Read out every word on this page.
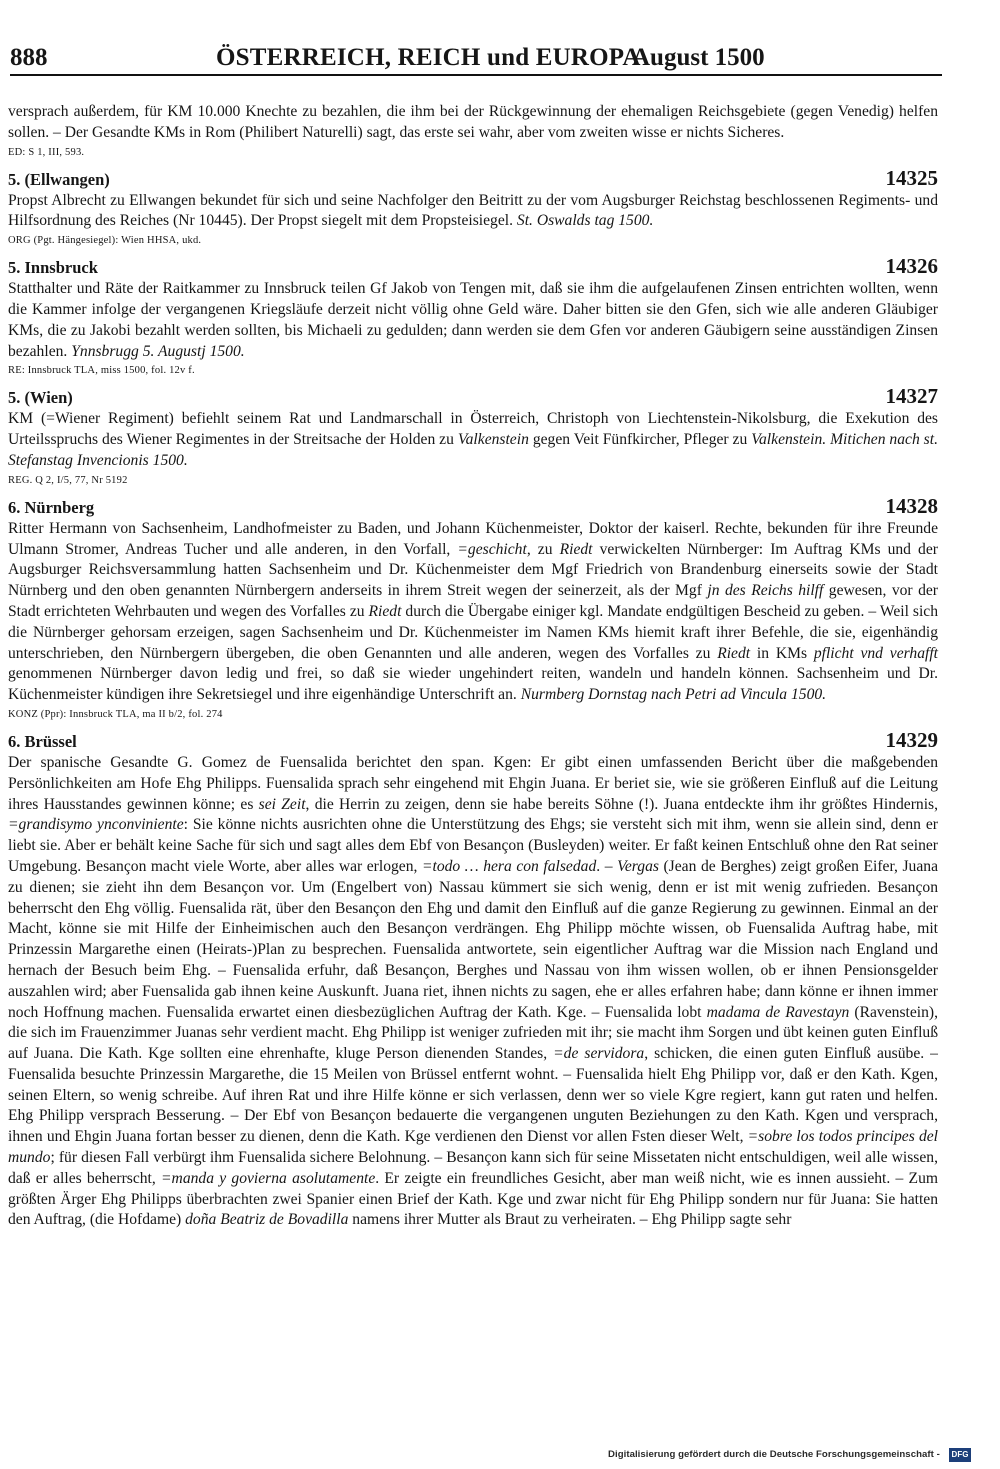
888	ÖSTERREICH, REICH und EUROPA
August 1500

versprach außerdem, für KM 10.000 Knechte zu bezahlen, die ihm bei der Rückgewinnung der ehemaligen Reichsgebiete (gegen Venedig) helfen sollen. – Der Gesandte KMs in Rom (Philibert Naturelli) sagt, das erste sei wahr, aber vom zweiten wisse er nichts Sicheres.

ED: S 1, III, 593.

5. (Ellwangen)	14325

Propst Albrecht zu Ellwangen bekundet für sich und seine Nachfolger den Beitritt zu der vom Augsburger Reichstag beschlossenen Regiments- und Hilfsordnung des Reiches (Nr 10445). Der Propst siegelt mit dem Propsteisiegel. St. Oswalds tag 1500.

ORG (Pgt. Hängesiegel): Wien HHSA, ukd.

5. Innsbruck	14326

Statthalter und Räte der Raitkammer zu Innsbruck teilen Gf Jakob von Tengen mit, daß sie ihm die aufgelaufenen Zinsen entrichten wollten, wenn die Kammer infolge der vergangenen Kriegsläufe derzeit nicht völlig ohne Geld wäre. Daher bitten sie den Gfen, sich wie alle anderen Gläubiger KMs, die zu Jakobi bezahlt werden sollten, bis Michaeli zu gedulden; dann werden sie dem Gfen vor anderen Gäubigern seine ausständigen Zinsen bezahlen. Ynnsbrugg 5. Augustj 1500.

RE: Innsbruck TLA, miss 1500, fol. 12v f.

5. (Wien)	14327

KM (=Wiener Regiment) befiehlt seinem Rat und Landmarschall in Österreich, Christoph von Liechtenstein-Nikolsburg, die Exekution des Urteilsspruchs des Wiener Regimentes in der Streitsache der Holden zu Valkenstein gegen Veit Fünfkircher, Pfleger zu Valkenstein. Mitichen nach st. Stefanstag Invencionis 1500.

REG. Q 2, I/5, 77, Nr 5192

6. Nürnberg	14328

Ritter Hermann von Sachsenheim, Landhofmeister zu Baden, und Johann Küchenmeister, Doktor der kaiserl. Rechte, bekunden für ihre Freunde Ulmann Stromer, Andreas Tucher und alle anderen, in den Vorfall, =geschicht, zu Riedt verwickelten Nürnberger: Im Auftrag KMs und der Augsburger Reichsversammlung hatten Sachsenheim und Dr. Küchenmeister dem Mgf Friedrich von Brandenburg einerseits sowie der Stadt Nürnberg und den oben genannten Nürnbergern anderseits in ihrem Streit wegen der seinerzeit, als der Mgf jn des Reichs hilff gewesen, vor der Stadt errichteten Wehrbauten und wegen des Vorfalles zu Riedt durch die Übergabe einiger kgl. Mandate endgültigen Bescheid zu geben. – Weil sich die Nürnberger gehorsam erzeigen, sagen Sachsenheim und Dr. Küchenmeister im Namen KMs hiemit kraft ihrer Befehle, die sie, eigenhändig unterschrieben, den Nürnbergern übergeben, die oben Genannten und alle anderen, wegen des Vorfalles zu Riedt in KMs pflicht vnd verhafft genommenen Nürnberger davon ledig und frei, so daß sie wieder ungehindert reiten, wandeln und handeln können. Sachsenheim und Dr. Küchenmeister kündigen ihre Sekretsiegel und ihre eigenhändige Unterschrift an. Nurmberg Dornstag nach Petri ad Vincula 1500.

KONZ (Ppr): Innsbruck TLA, ma II b/2, fol. 274

6. Brüssel	14329

Der spanische Gesandte G. Gomez de Fuensalida berichtet den span. Kgen: Er gibt einen umfassenden Bericht über die maßgebenden Persönlichkeiten am Hofe Ehg Philipps. Fuensalida sprach sehr eingehend mit Ehgin Juana. Er beriet sie, wie sie größeren Einfluß auf die Leitung ihres Hausstandes gewinnen könne; es sei Zeit, die Herrin zu zeigen, denn sie habe bereits Söhne (!). Juana entdeckte ihm ihr größtes Hindernis, =grandisymo ynconviniente: Sie könne nichts ausrichten ohne die Unterstützung des Ehgs; sie versteht sich mit ihm, wenn sie allein sind, denn er liebt sie. Aber er behält keine Sache für sich und sagt alles dem Ebf von Besançon (Busleyden) weiter. Er faßt keinen Entschluß ohne den Rat seiner Umgebung. Besançon macht viele Worte, aber alles war erlogen, =todo … hera con falsedad. – Vergas (Jean de Berghes) zeigt großen Eifer, Juana zu dienen; sie zieht ihn dem Besançon vor. Um (Engelbert von) Nassau kümmert sie sich wenig, denn er ist mit wenig zufrieden. Besançon beherrscht den Ehg völlig. Fuensalida rät, über den Besançon den Ehg und damit den Einfluß auf die ganze Regierung zu gewinnen. Einmal an der Macht, könne sie mit Hilfe der Einheimischen auch den Besançon verdrängen. Ehg Philipp möchte wissen, ob Fuensalida Auftrag habe, mit Prinzessin Margarethe einen (Heirats-)Plan zu besprechen. Fuensalida antwortete, sein eigentlicher Auftrag war die Mission nach England und hernach der Besuch beim Ehg. – Fuensalida erfuhr, daß Besançon, Berghes und Nassau von ihm wissen wollen, ob er ihnen Pensionsgelder auszahlen wird; aber Fuensalida gab ihnen keine Auskunft. Juana riet, ihnen nichts zu sagen, ehe er alles erfahren habe; dann könne er ihnen immer noch Hoffnung machen. Fuensalida erwartet einen diesbezüglichen Auftrag der Kath. Kge. – Fuensalida lobt madama de Ravestayn (Ravenstein), die sich im Frauenzimmer Juanas sehr verdient macht. Ehg Philipp ist weniger zufrieden mit ihr; sie macht ihm Sorgen und übt keinen guten Einfluß auf Juana. Die Kath. Kge sollten eine ehrenhafte, kluge Person dienenden Standes, =de servidora, schicken, die einen guten Einfluß ausübe. – Fuensalida besuchte Prinzessin Margarethe, die 15 Meilen von Brüssel entfernt wohnt. – Fuensalida hielt Ehg Philipp vor, daß er den Kath. Kgen, seinen Eltern, so wenig schreibe. Auf ihren Rat und ihre Hilfe könne er sich verlassen, denn wer so viele Kgre regiert, kann gut raten und helfen. Ehg Philipp versprach Besserung. – Der Ebf von Besançon bedauerte die vergangenen unguten Beziehungen zu den Kath. Kgen und versprach, ihnen und Ehgin Juana fortan besser zu dienen, denn die Kath. Kge verdienen den Dienst vor allen Fsten dieser Welt, =sobre los todos principes del mundo; für diesen Fall verbürgt ihm Fuensalida sichere Belohnung. – Besançon kann sich für seine Missetaten nicht entschuldigen, weil alle wissen, daß er alles beherrscht, =manda y govierna asolutamente. Er zeigte ein freundliches Gesicht, aber man weiß nicht, wie es innen aussieht. – Zum größten Ärger Ehg Philipps überbrachten zwei Spanier einen Brief der Kath. Kge und zwar nicht für Ehg Philipp sondern nur für Juana: Sie hatten den Auftrag, (die Hofdame) doña Beatriz de Bovadilla namens ihrer Mutter als Braut zu verheiraten. – Ehg Philipp sagte sehr

Digitalisierung gefördert durch die Deutsche Forschungsgemeinschaft -	DFG
